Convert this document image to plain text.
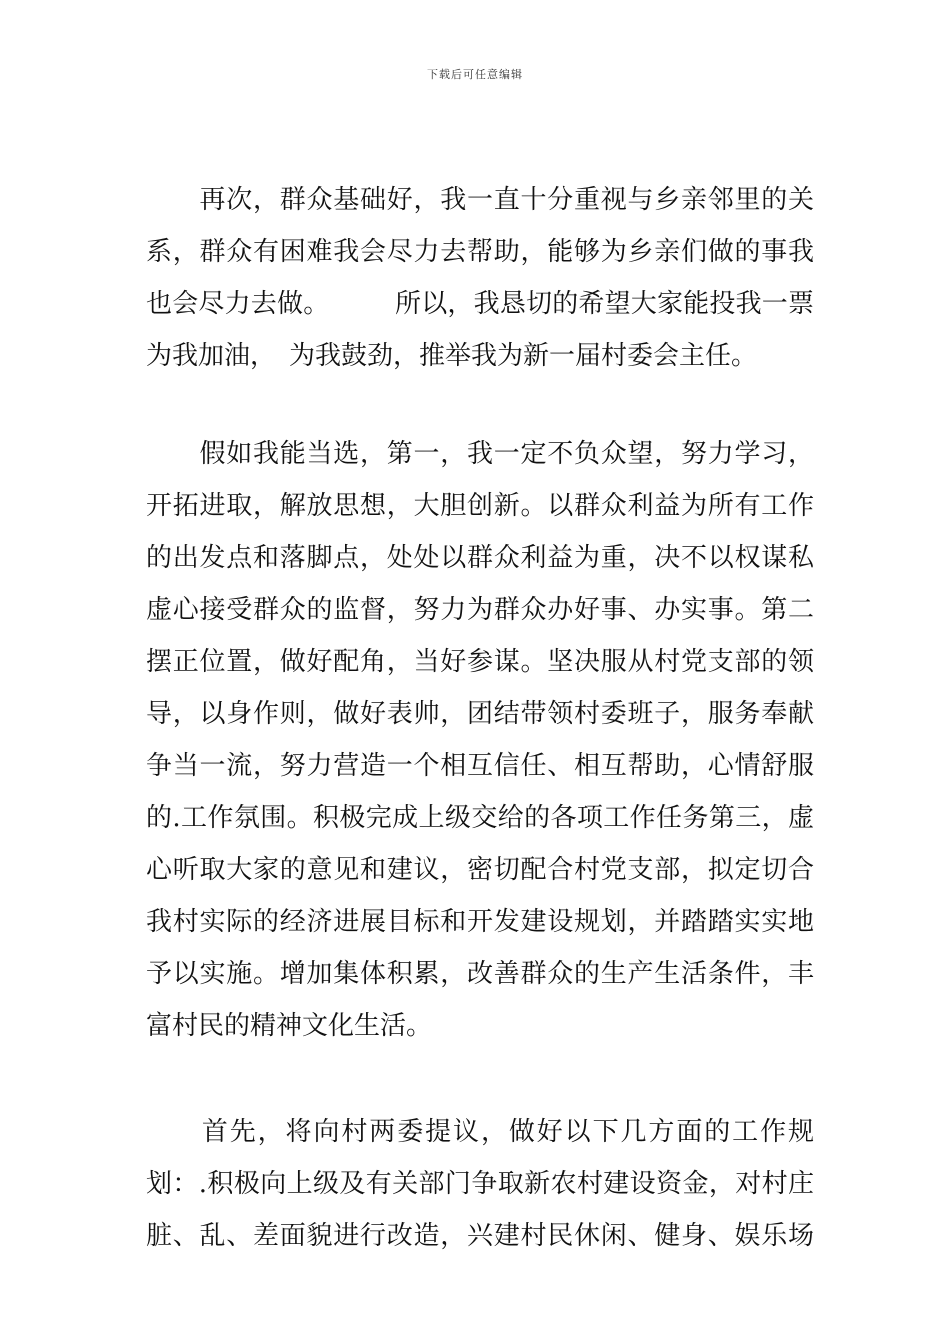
下载后可任意编辑
　　再次，群众基础好，我一直十分重视与乡亲邻里的关
系，群众有困难我会尽力去帮助，能够为乡亲们做的事我
也会尽力去做。　　　所以，我恳切的希望大家能投我一票
为我加油，　为我鼓劲，推举我为新一届村委会主任。
　　假如我能当选，第一，我一定不负众望，努力学习，
开拓进取，解放思想，大胆创新。以群众利益为所有工作
的出发点和落脚点，处处以群众利益为重，决不以权谋私
虚心接受群众的监督，努力为群众办好事、办实事。第二
摆正位置，做好配角，当好参谋。坚决服从村党支部的领
导，以身作则，做好表帅，团结带领村委班子，服务奉献
争当一流，努力营造一个相互信任、相互帮助，心情舒服
的.工作氛围。积极完成上级交给的各项工作任务第三，虚
心听取大家的意见和建议，密切配合村党支部，拟定切合
我村实际的经济进展目标和开发建设规划，并踏踏实实地
予以实施。增加集体积累，改善群众的生产生活条件，丰
富村民的精神文化生活。
　　首先，将向村两委提议，做好以下几方面的工作规
划：.积极向上级及有关部门争取新农村建设资金，对村庄
脏、乱、差面貌进行改造，兴建村民休闲、健身、娱乐场
